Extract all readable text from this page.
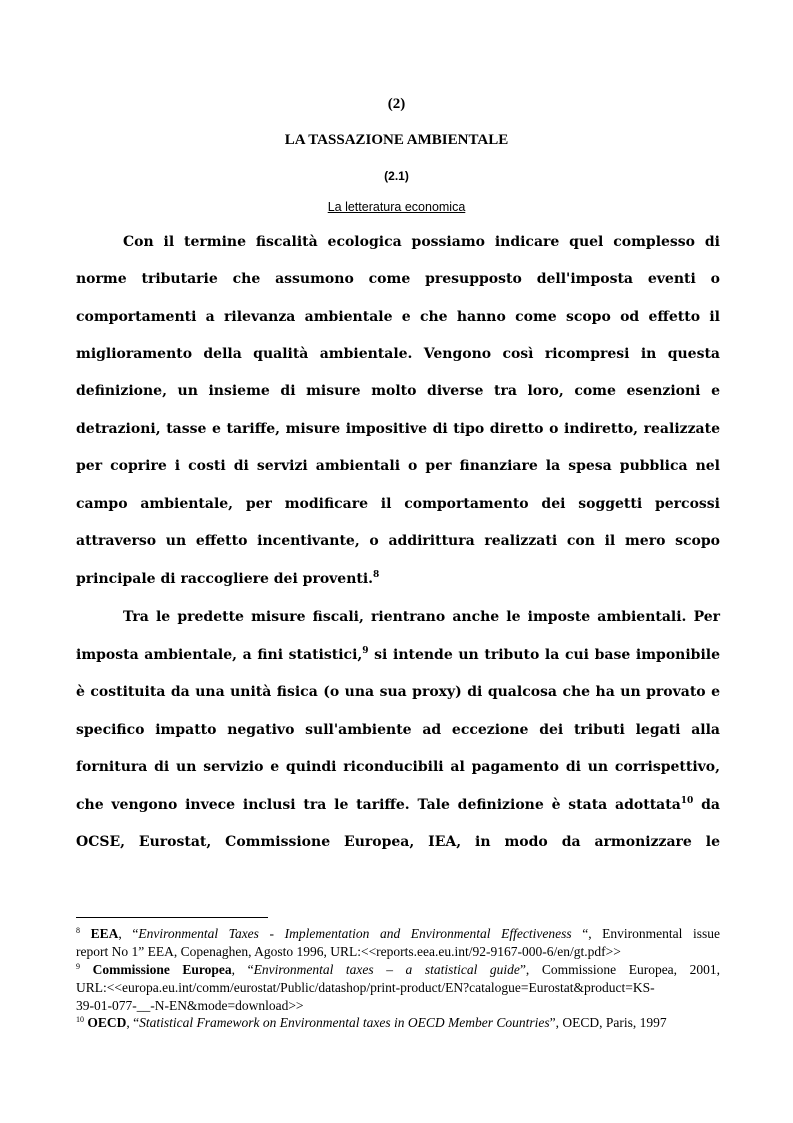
(2)
LA TASSAZIONE AMBIENTALE
(2.1)
La letteratura economica
Con il termine fiscalità ecologica possiamo indicare quel complesso di
norme tributarie che assumono come presupposto dell'imposta eventi o
comportamenti a rilevanza ambientale e che hanno come scopo od effetto il
miglioramento della qualità ambientale. Vengono così ricompresi in questa
definizione, un insieme di misure molto diverse tra loro, come esenzioni e
detrazioni, tasse e tariffe, misure impositive di tipo diretto o indiretto, realizzate
per coprire i costi di servizi ambientali o per finanziare la spesa pubblica nel
campo ambientale, per modificare il comportamento dei soggetti percossi
attraverso un effetto incentivante, o addirittura realizzati con il mero scopo
principale di raccogliere dei proventi.$^8$
Tra le predette misure fiscali, rientrano anche le imposte ambientali. Per
imposta ambientale, a fini statistici,$^9$ si intende un tributo la cui base imponibile
è costituita da una unità fisica (o una sua proxy) di qualcosa che ha un provato e
specifico impatto negativo sull'ambiente ad eccezione dei tributi legati alla
fornitura di un servizio e quindi riconducibili al pagamento di un corrispettivo,
che vengono invece inclusi tra le tariffe. Tale definizione è stata adottata$^{10}$ da
OCSE, Eurostat, Commissione Europea, IEA, in modo da armonizzare le
$^8$ EEA, “Environmental Taxes - Implementation and Environmental Effectiveness “, Environmental issue
report No 1” EEA, Copenaghen, Agosto 1996, URL:<<reports.eea.eu.int/92-9167-000-6/en/gt.pdf>>
$^9$ Commissione Europea, “Environmental taxes – a statistical guide”, Commissione Europea, 2001,
URL:<<europa.eu.int/comm/eurostat/Public/datashop/print-product/EN?catalogue=Eurostat&product=KS-
39-01-077-__-N-EN&mode=download>>
$^{10}$ OECD, “Statistical Framework on Environmental taxes in OECD Member Countries”, OECD, Paris, 1997
